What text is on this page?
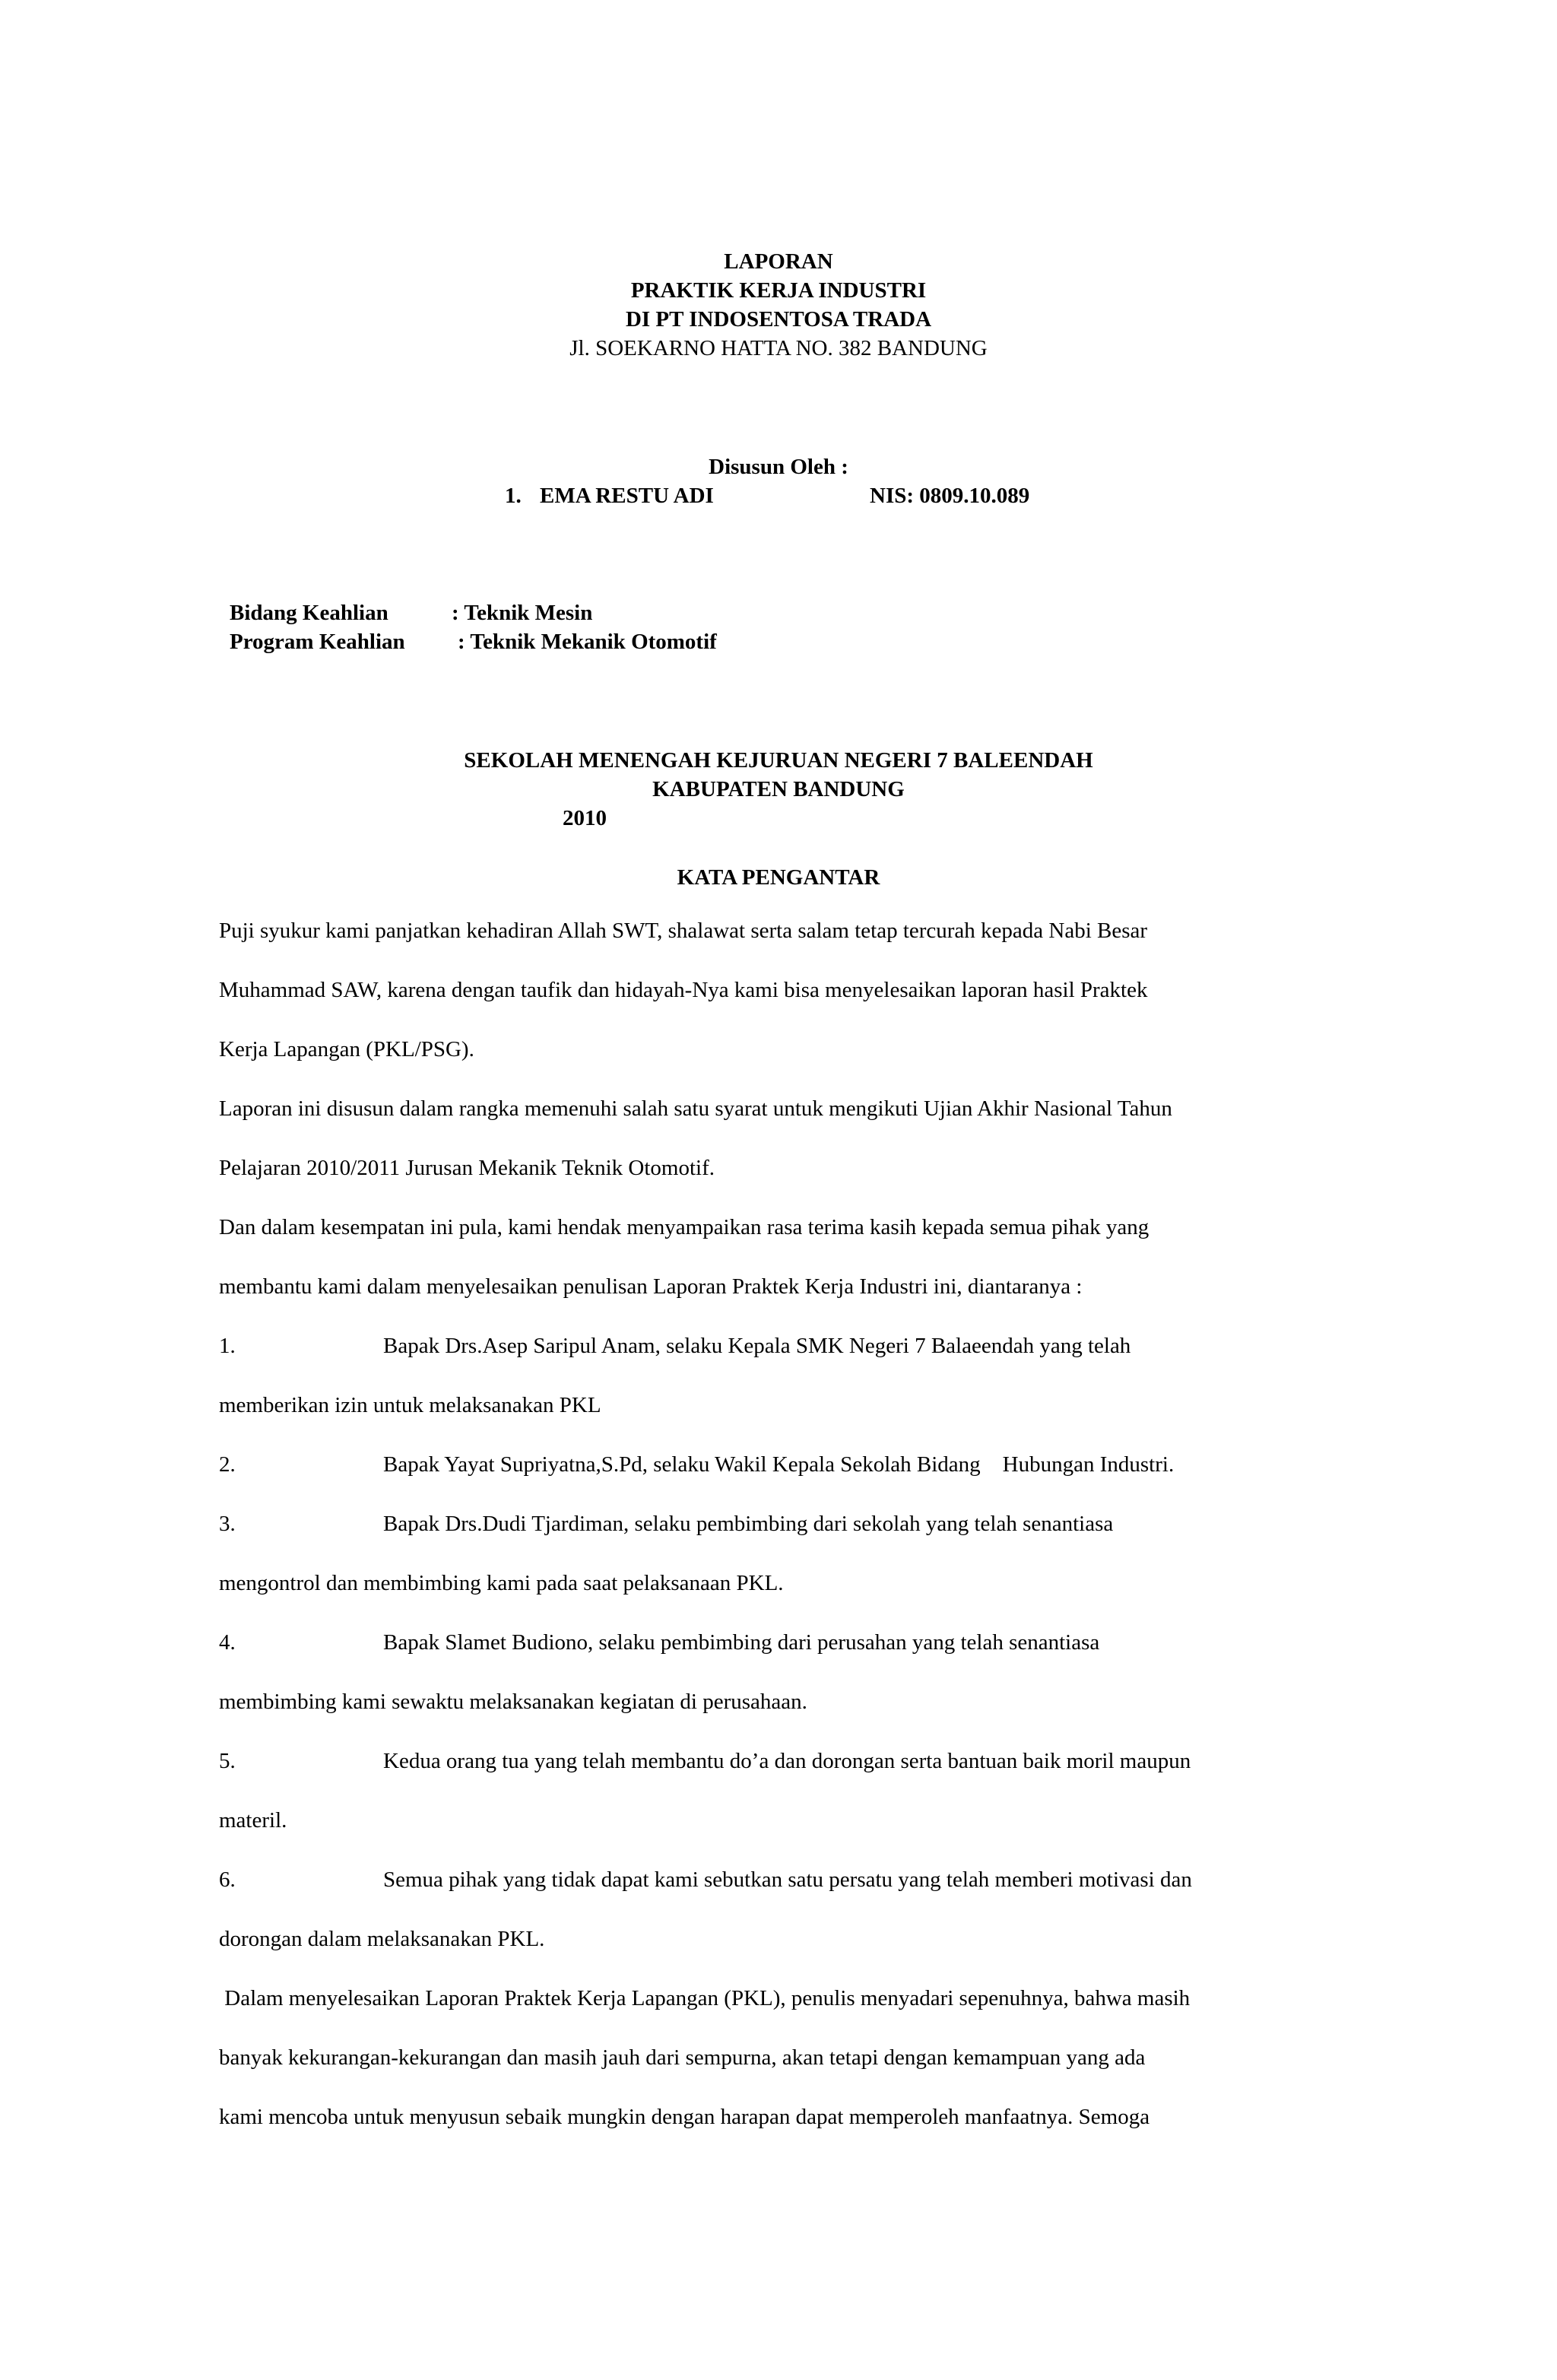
LAPORAN
PRAKTIK KERJA INDUSTRI
DI PT INDOSENTOSA TRADA
Jl. SOEKARNO HATTA NO. 382 BANDUNG
Disusun Oleh :
1. EMA RESTU ADI	NIS: 0809.10.089
Bidang Keahlian	: Teknik Mesin
Program Keahlian : Teknik Mekanik Otomotif
SEKOLAH MENENGAH KEJURUAN NEGERI 7 BALEENDAH
KABUPATEN BANDUNG
2010
KATA PENGANTAR
Puji syukur kami panjatkan kehadiran Allah SWT, shalawat serta salam tetap tercurah kepada Nabi Besar
Muhammad SAW, karena dengan taufik dan hidayah-Nya kami bisa menyelesaikan laporan hasil Praktek
Kerja Lapangan (PKL/PSG).
Laporan ini disusun dalam rangka memenuhi salah satu syarat untuk mengikuti Ujian Akhir Nasional Tahun
Pelajaran 2010/2011 Jurusan Mekanik Teknik Otomotif.
Dan dalam kesempatan ini pula, kami hendak menyampaikan rasa terima kasih kepada semua pihak yang
membantu kami dalam menyelesaikan penulisan Laporan Praktek Kerja Industri ini, diantaranya :
1.	Bapak Drs.Asep Saripul Anam, selaku Kepala SMK Negeri 7 Balaeendah yang telah
memberikan izin untuk melaksanakan PKL
2.	Bapak Yayat Supriyatna,S.Pd, selaku Wakil Kepala Sekolah Bidang    Hubungan Industri.
3.	Bapak Drs.Dudi Tjardiman, selaku pembimbing dari sekolah yang telah senantiasa
mengontrol dan membimbing kami pada saat pelaksanaan PKL.
4.	Bapak Slamet Budiono, selaku pembimbing dari perusahan yang telah senantiasa
membimbing kami sewaktu melaksanakan kegiatan di perusahaan.
5.	Kedua orang tua yang telah membantu do’a dan dorongan serta bantuan baik moril maupun
materil.
6.	Semua pihak yang tidak dapat kami sebutkan satu persatu yang telah memberi motivasi dan
dorongan dalam melaksanakan PKL.
Dalam menyelesaikan Laporan Praktek Kerja Lapangan (PKL), penulis menyadari sepenuhnya, bahwa masih
banyak kekurangan-kekurangan dan masih jauh dari sempurna, akan tetapi dengan kemampuan yang ada
kami mencoba untuk menyusun sebaik mungkin dengan harapan dapat memperoleh manfaatnya. Semoga
